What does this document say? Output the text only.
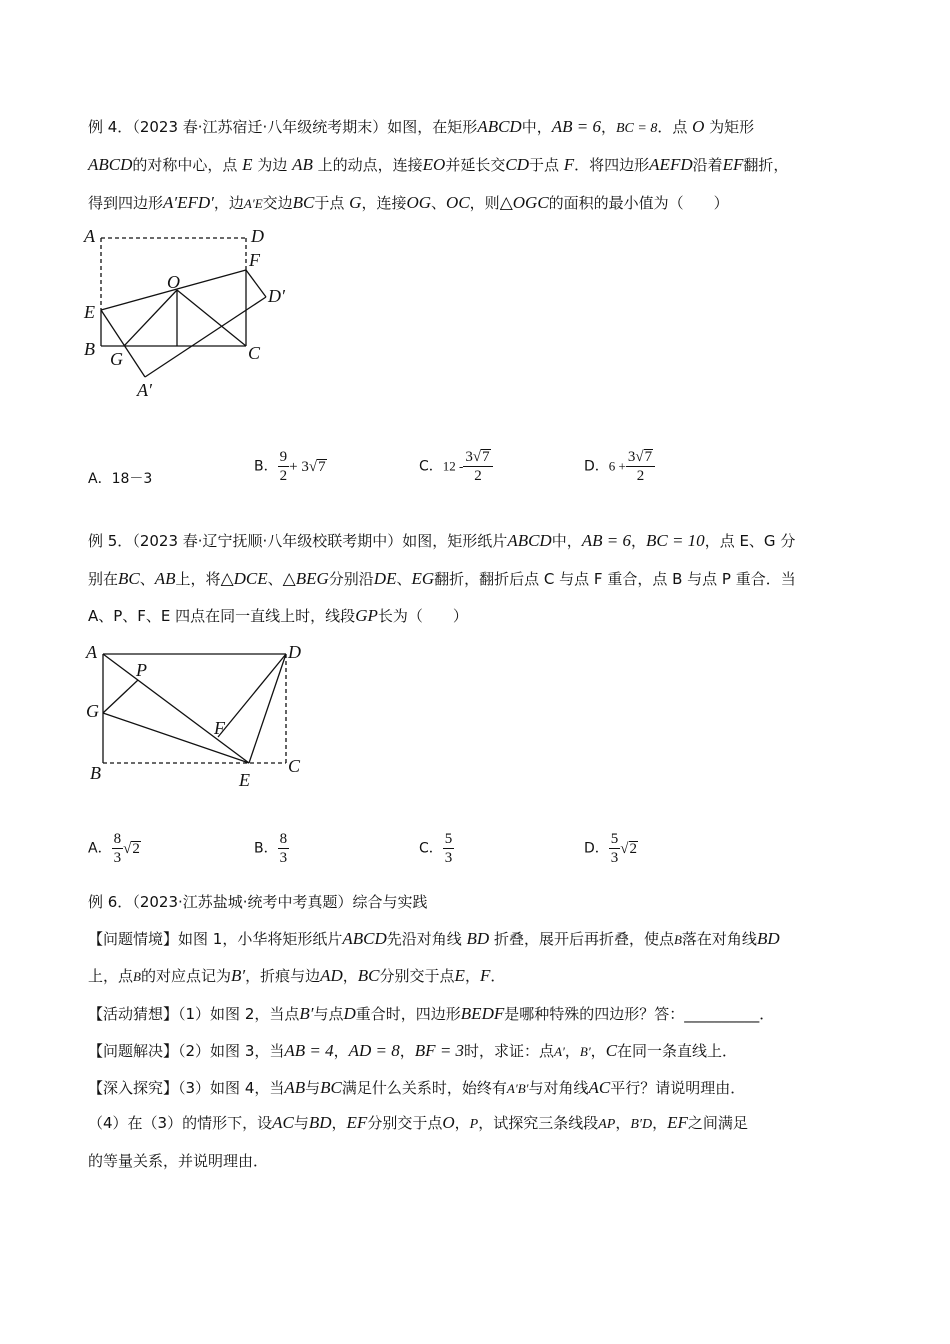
例 4．（2023 春·江苏宿迁·八年级统考期末）如图，在矩形ABCD中，AB = 6，BC = 8．点 O 为矩形
ABCD的对称中心，点 E 为边 AB 上的动点，连接EO并延长交CD于点 F．将四边形AEFD沿着EF翻折，
得到四边形A′EFD′，边A′E交边BC于点 G，连接OG、OC，则△OGC的面积的最小值为（　　）
A	D
F
D′
O
E
B G	C
A′
A．18－3
B． $\frac{9}{2} + 3√7$	C．$12 - \frac{3√7}{2}$	D．$6 + \frac{3√7}{2}$
例 5．（2023 春·辽宁抚顺·八年级校联考期中）如图，矩形纸片ABCD中，AB = 6，BC = 10，点 E、G 分
别在BC、AB上，将△DCE、△BEG分别沿DE、EG翻折，翻折后点 C 与点 F 重合，点 B 与点 P 重合．当
A、P、F、E 四点在同一直线上时，线段GP长为（　　）
A
P
D
G
F
B	E
C
A． $\frac{8}{3} √2$	B． $\frac{8}{3}$	C． $\frac{5}{3}$	D． $\frac{5}{3} √2$
例 6．（2023·江苏盐城·统考中考真题）综合与实践
【问题情境】如图 1，小华将矩形纸片ABCD先沿对角线 BD 折叠，展开后再折叠，使点B落在对角线BD
上，点B的对应点记为B′，折痕与边AD，BC分别交于点E，F．
【活动猜想】（1）如图 2，当点B′与点D重合时，四边形BEDF是哪种特殊的四边形？答：__________．
【问题解决】（2）如图 3，当AB = 4，AD = 8，BF = 3时，求证：点A′，B′，C在同一条直线上．
【深入探究】（3）如图 4，当AB与BC满足什么关系时，始终有A′B′与对角线AC平行？请说明理由．
（4）在（3）的情形下，设AC与BD，EF分别交于点O，P，试探究三条线段AP，B′D，EF之间满足
的等量关系，并说明理由．
